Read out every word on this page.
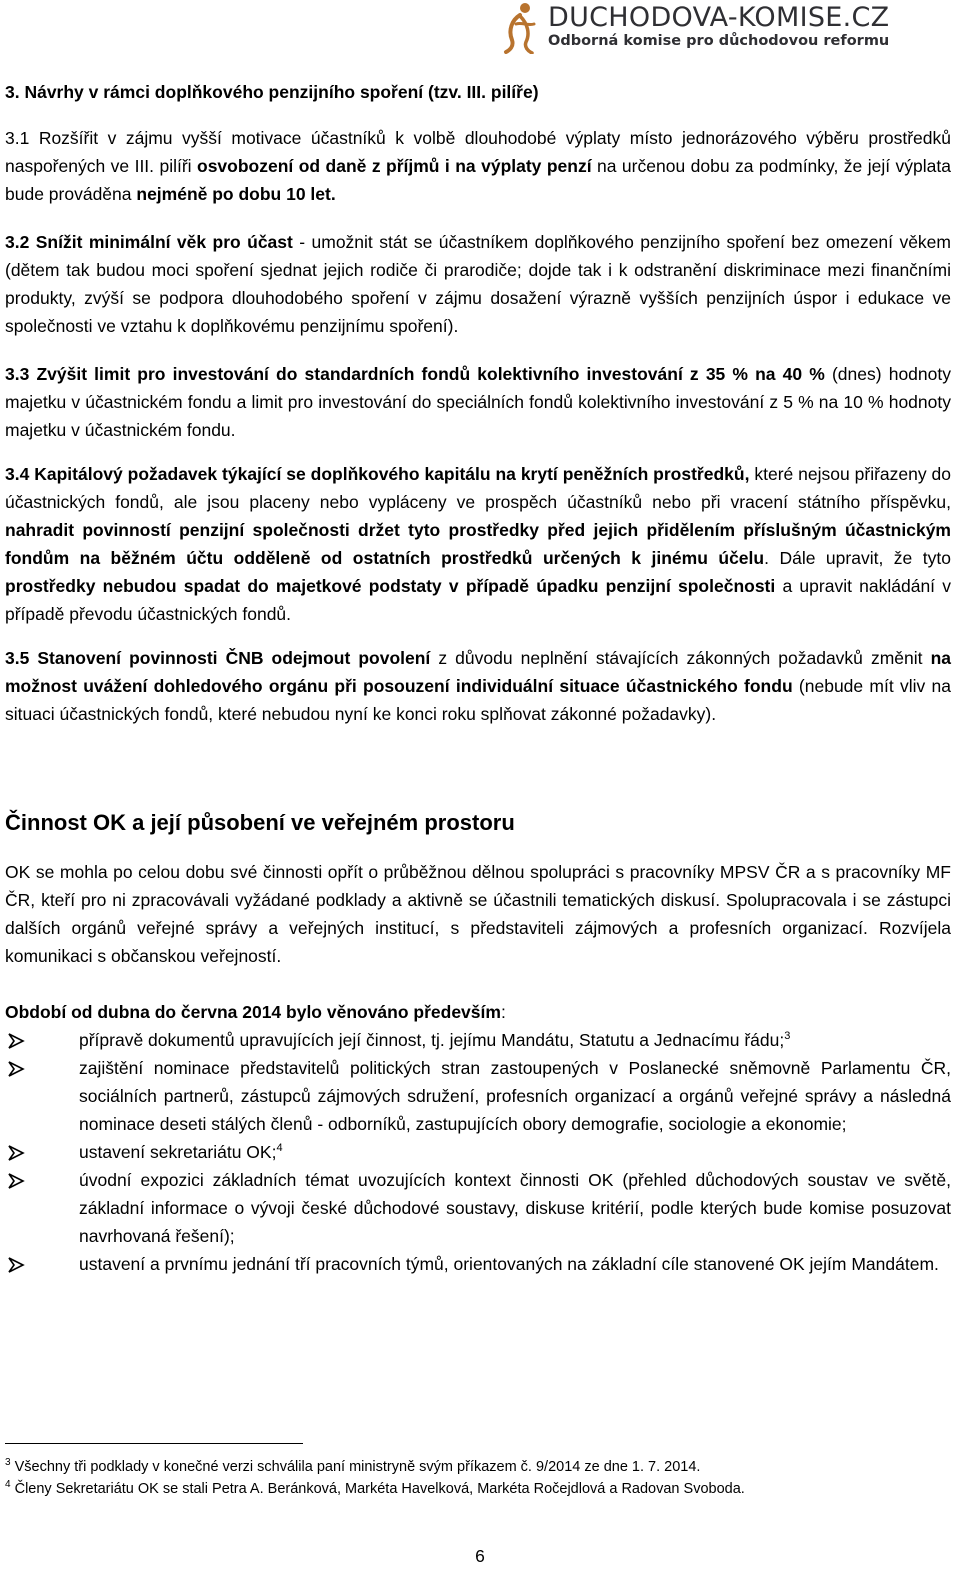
DUCHODOVA-KOMISE.CZ
Odborná komise pro důchodovou reformu
3. Návrhy v rámci doplňkového penzijního spoření (tzv. III. pilíře)

3.1 Rozšířit v zájmu vyšší motivace účastníků k volbě dlouhodobé výplaty místo jednorázového výběru prostředků naspořených ve III. pilíři osvobození od daně z příjmů i na výplaty penzí na určenou dobu za podmínky, že její výplata bude prováděna nejméně po dobu 10 let.

3.2 Snížit minimální věk pro účast - umožnit stát se účastníkem doplňkového penzijního spoření bez omezení věkem (dětem tak budou moci spoření sjednat jejich rodiče či prarodiče; dojde tak i k odstranění diskriminace mezi finančními produkty, zvýší se podpora dlouhodobého spoření v zájmu dosažení výrazně vyšších penzijních úspor i edukace ve společnosti ve vztahu k doplňkovému penzijnímu spoření).

3.3 Zvýšit limit pro investování do standardních fondů kolektivního investování z 35 % na 40 % (dnes) hodnoty majetku v účastnickém fondu a limit pro investování do speciálních fondů kolektivního investování z 5 % na 10 % hodnoty majetku v účastnickém fondu.

3.4 Kapitálový požadavek týkající se doplňkového kapitálu na krytí peněžních prostředků, které nejsou přiřazeny do účastnických fondů, ale jsou placeny nebo vypláceny ve prospěch účastníků nebo při vracení státního příspěvku, nahradit povinností penzijní společnosti držet tyto prostředky před jejich přidělením příslušným účastnickým fondům na běžném účtu odděleně od ostatních prostředků určených k jinému účelu. Dále upravit, že tyto prostředky nebudou spadat do majetkové podstaty v případě úpadku penzijní společnosti a upravit nakládání v případě převodu účastnických fondů.

3.5 Stanovení povinnosti ČNB odejmout povolení z důvodu neplnění stávajících zákonných požadavků změnit na možnost uvážení dohledového orgánu při posouzení individuální situace účastnického fondu (nebude mít vliv na situaci účastnických fondů, které nebudou nyní ke konci roku splňovat zákonné požadavky).

Činnost OK a její působení ve veřejném prostoru

OK se mohla po celou dobu své činnosti opřít o průběžnou dělnou spolupráci s pracovníky MPSV ČR a s pracovníky MF ČR, kteří pro ni zpracovávali vyžádané podklady a aktivně se účastnili tematických diskusí. Spolupracovala i se zástupci dalších orgánů veřejné správy a veřejných institucí, s představiteli zájmových a profesních organizací. Rozvíjela komunikaci s občanskou veřejností.

Období od dubna do června 2014 bylo věnováno především:
přípravě dokumentů upravujících její činnost, tj. jejímu Mandátu, Statutu a Jednacímu řádu;$^3$
zajištění nominace představitelů politických stran zastoupených v Poslanecké sněmovně Parlamentu ČR, sociálních partnerů, zástupců zájmových sdružení, profesních organizací a orgánů veřejné správy a následná nominace deseti stálých členů - odborníků, zastupujících obory demografie, sociologie a ekonomie;
ustavení sekretariátu OK;$^4$
úvodní expozici základních témat uvozujících kontext činnosti OK (přehled důchodových soustav ve světě, základní informace o vývoji české důchodové soustavy, diskuse kritérií, podle kterých bude komise posuzovat navrhovaná řešení);
ustavení a prvnímu jednání tří pracovních týmů, orientovaných na základní cíle stanovené OK jejím Mandátem.
$^3$ Všechny tři podklady v konečné verzi schválila paní ministryně svým příkazem č. 9/2014 ze dne 1. 7. 2014.
$^4$ Členy Sekretariátu OK se stali Petra A. Beránková, Markéta Havelková, Markéta Ročejdlová a Radovan Svoboda.
6
